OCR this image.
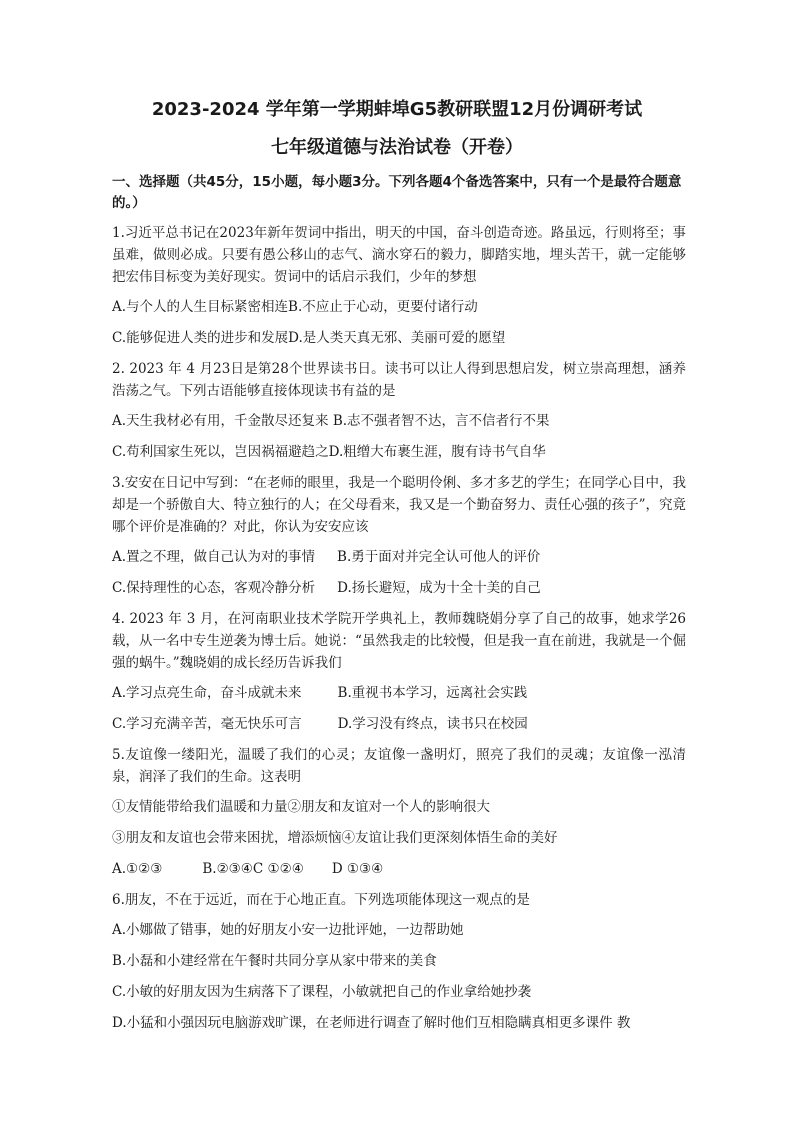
2023-2024 学年第一学期蚌埠G5教研联盟12月份调研考试
七年级道德与法治试卷（开卷）
一、选择题（共45分，15小题，每小题3分。下列各题4个备选答案中，只有一个是最符合题意的。）
1.习近平总书记在2023年新年贺词中指出，明天的中国，奋斗创造奇迹。路虽远，行则将至；事虽难，做则必成。只要有愚公移山的志气、滴水穿石的毅力，脚踏实地，埋头苦干，就一定能够把宏伟目标变为美好现实。贺词中的话启示我们，少年的梦想
A.与个人的人生目标紧密相连B.不应止于心动，更要付诸行动
C.能够促进人类的进步和发展D.是人类天真无邪、美丽可爱的愿望
2. 2023 年 4 月23日是第28个世界读书日。读书可以让人得到思想启发，树立崇高理想，涵养浩荡之气。下列古语能够直接体现读书有益的是
A.天生我材必有用，千金散尽还复来 B.志不强者智不达，言不信者行不果
C.苟利国家生死以，岂因祸福避趋之D.粗缯大布裹生涯，腹有诗书气自华
3.安安在日记中写到：“在老师的眼里，我是一个聪明伶俐、多才多艺的学生；在同学心目中，我却是一个骄傲自大、特立独行的人；在父母看来，我又是一个勤奋努力、责任心强的孩子”，究竟哪个评价是准确的？对此，你认为安安应该
A.置之不理，做自己认为对的事情 B.勇于面对并完全认可他人的评价
C.保持理性的心态，客观冷静分析 D.扬长避短，成为十全十美的自己
4. 2023 年 3 月，在河南职业技术学院开学典礼上，教师魏晓娟分享了自己的故事，她求学26载，从一名中专生逆袭为博士后。她说：“虽然我走的比较慢，但是我一直在前进，我就是一个倔强的蜗牛。”魏晓娟的成长经历告诉我们
A.学习点亮生命，奋斗成就未来	B.重视书本学习，远离社会实践
C.学习充满辛苦，毫无快乐可言	D.学习没有终点，读书只在校园
5.友谊像一缕阳光，温暖了我们的心灵；友谊像一盏明灯，照亮了我们的灵魂；友谊像一泓清泉，润泽了我们的生命。这表明
①友情能带给我们温暖和力量②朋友和友谊对一个人的影响很大
③朋友和友谊也会带来困扰，增添烦恼④友谊让我们更深刻体悟生命的美好
A.①②③	B.②③④C ①②④ D ①③④
6.朋友，不在于远近，而在于心地正直。下列选项能体现这一观点的是
A.小娜做了错事，她的好朋友小安一边批评她，一边帮助她
B.小磊和小建经常在午餐时共同分享从家中带来的美食
C.小敏的好朋友因为生病落下了课程，小敏就把自己的作业拿给她抄袭
D.小猛和小强因玩电脑游戏旷课，在老师进行调查了解时他们互相隐瞒真相更多课件 教
